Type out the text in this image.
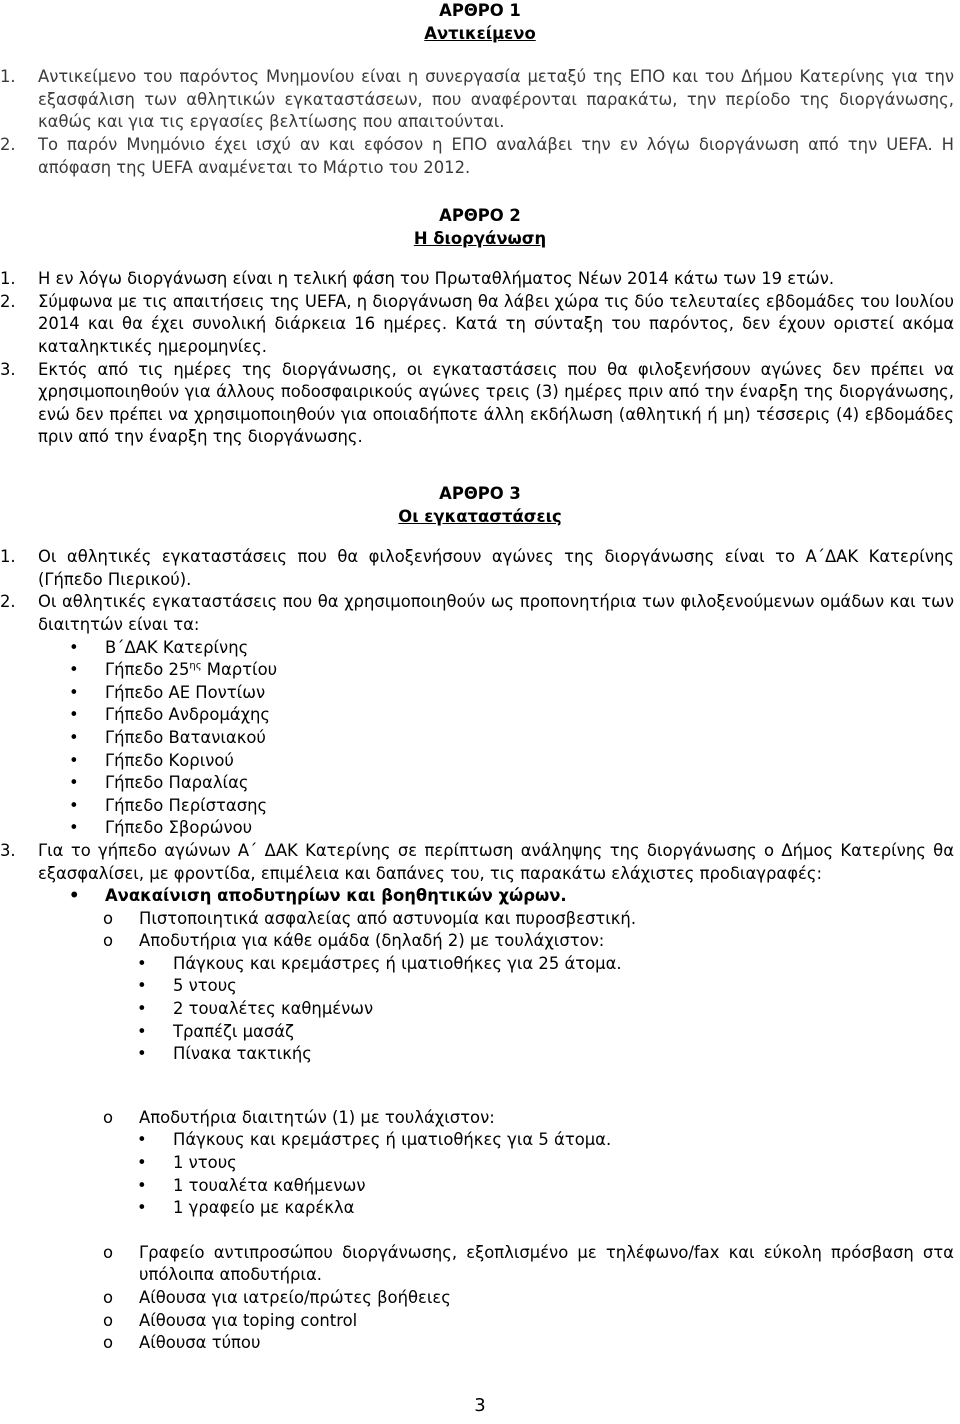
ΑΡΘΡΟ 1

Αντικείμενο

1. Αντικείμενο του παρόντος Μνημονίου είναι η συνεργασία μεταξύ της ΕΠΟ και του Δήμου Κατερίνης για την εξασφάλιση των αθλητικών εγκαταστάσεων, που αναφέρονται παρακάτω, την περίοδο της διοργάνωσης, καθώς και για τις εργασίες βελτίωσης που απαιτούνται.

2. Το παρόν Μνημόνιο έχει ισχύ αν και εφόσον η ΕΠΟ αναλάβει την εν λόγω διοργάνωση από την UEFA. Η απόφαση της UEFA αναμένεται το Μάρτιο του 2012.

ΑΡΘΡΟ 2

Η διοργάνωση

1. Η εν λόγω διοργάνωση είναι η τελική φάση του Πρωταθλήματος Νέων 2014 κάτω των 19 ετών.

2. Σύμφωνα με τις απαιτήσεις της UEFA, η διοργάνωση θα λάβει χώρα τις δύο τελευταίες εβδομάδες του Ιουλίου 2014 και θα έχει συνολική διάρκεια 16 ημέρες. Κατά τη σύνταξη του παρόντος, δεν έχουν οριστεί ακόμα καταληκτικές ημερομηνίες.

3. Εκτός από τις ημέρες της διοργάνωσης, οι εγκαταστάσεις που θα φιλοξενήσουν αγώνες δεν πρέπει να χρησιμοποιηθούν για άλλους ποδοσφαιρικούς αγώνες τρεις (3) ημέρες πριν από την έναρξη της διοργάνωσης, ενώ δεν πρέπει να χρησιμοποιηθούν για οποιαδήποτε άλλη εκδήλωση (αθλητική ή μη) τέσσερις (4) εβδομάδες πριν από την έναρξη της διοργάνωσης.

ΑΡΘΡΟ 3

Οι εγκαταστάσεις

1. Οι αθλητικές εγκαταστάσεις που θα φιλοξενήσουν αγώνες της διοργάνωσης είναι το Α΄ΔΑΚ Κατερίνης (Γήπεδο Πιερικού).

2. Οι αθλητικές εγκαταστάσεις που θα χρησιμοποιηθούν ως προπονητήρια των φιλοξενούμενων ομάδων και των διαιτητών είναι τα:

• Β΄ΔΑΚ Κατερίνης

• Γήπεδο $25^{\eta\varsigma}$ Μαρτίου

• Γήπεδο ΑΕ Ποντίων

• Γήπεδο Ανδρομάχης

• Γήπεδο Βατανιακού

• Γήπεδο Κορινού

• Γήπεδο Παραλίας

• Γήπεδο Περίστασης

• Γήπεδο Σβορώνου

3. Για το γήπεδο αγώνων Α΄ ΔΑΚ Κατερίνης σε περίπτωση ανάληψης της διοργάνωσης ο Δήμος Κατερίνης θα εξασφαλίσει, με φροντίδα, επιμέλεια και δαπάνες του, τις παρακάτω ελάχιστες προδιαγραφές:

• Ανακαίνιση αποδυτηρίων και βοηθητικών χώρων.

o Πιστοποιητικά ασφαλείας από αστυνομία και πυροσβεστική.

o Αποδυτήρια για κάθε ομάδα (δηλαδή 2) με τουλάχιστον:

• Πάγκους και κρεμάστρες ή ιματιοθήκες για 25 άτομα.

• 5 ντους

• 2 τουαλέτες καθημένων

• Τραπέζι μασάζ

• Πίνακα τακτικής

o Αποδυτήρια διαιτητών (1) με τουλάχιστον:

• Πάγκους και κρεμάστρες ή ιματιοθήκες για 5 άτομα.

• 1 ντους

• 1 τουαλέτα καθήμενων

• 1 γραφείο με καρέκλα

o Γραφείο αντιπροσώπου διοργάνωσης, εξοπλισμένο με τηλέφωνο/fax και εύκολη πρόσβαση στα υπόλοιπα αποδυτήρια.

o Αίθουσα για ιατρείο/πρώτες βοήθειες

o Αίθουσα για toping control

o Αίθουσα τύπου

3
